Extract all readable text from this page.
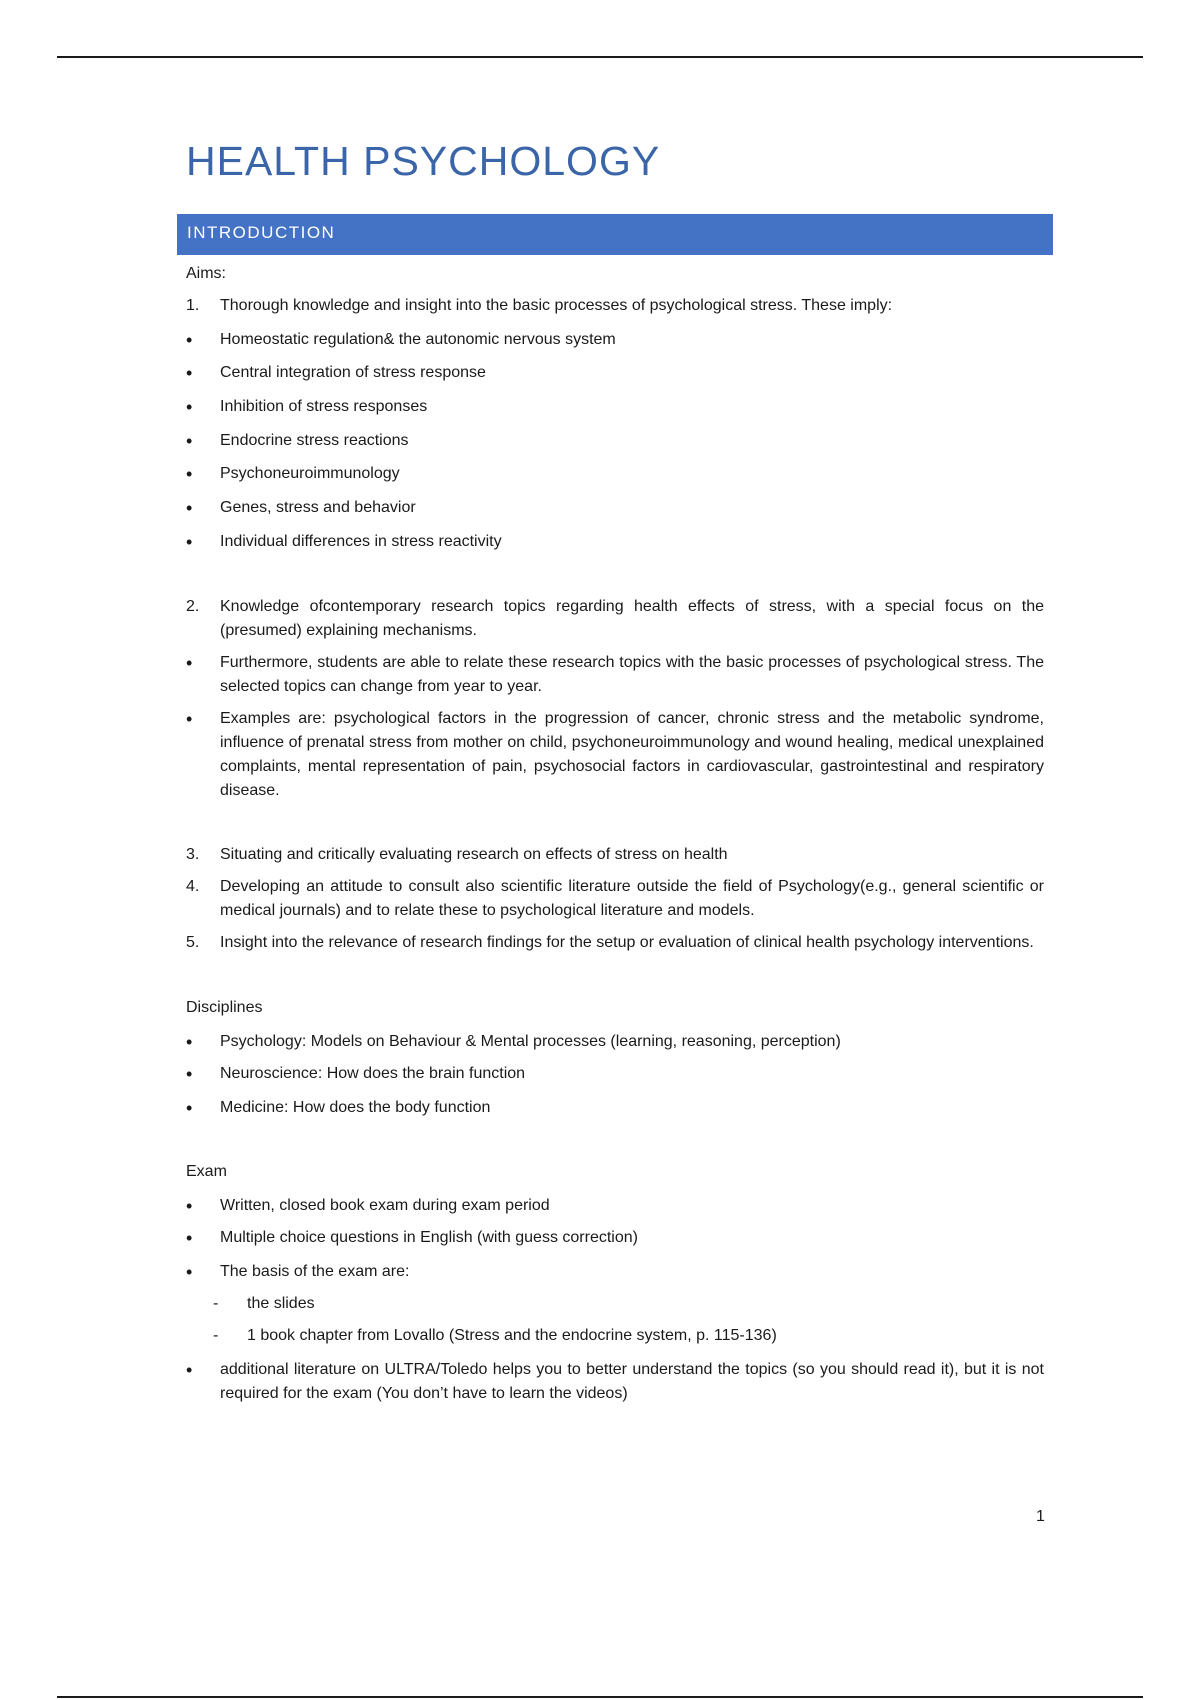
HEALTH PSYCHOLOGY
INTRODUCTION
Aims:
1. Thorough knowledge and insight into the basic processes of psychological stress. These imply:
• Homeostatic regulation& the autonomic nervous system
• Central integration of stress response
• Inhibition of stress responses
• Endocrine stress reactions
• Psychoneuroimmunology
• Genes, stress and behavior
• Individual differences in stress reactivity
2. Knowledge ofcontemporary research topics regarding health effects of stress, with a special focus on the (presumed) explaining mechanisms.
• Furthermore, students are able to relate these research topics with the basic processes of psychological stress. The selected topics can change from year to year.
• Examples are: psychological factors in the progression of cancer, chronic stress and the metabolic syndrome, influence of prenatal stress from mother on child, psychoneuroimmunology and wound healing, medical unexplained complaints, mental representation of pain, psychosocial factors in cardiovascular, gastrointestinal and respiratory disease.
3. Situating and critically evaluating research on effects of stress on health
4. Developing an attitude to consult also scientific literature outside the field of Psychology(e.g., general scientific or medical journals) and to relate these to psychological literature and models.
5. Insight into the relevance of research findings for the setup or evaluation of clinical health psychology interventions.
Disciplines
• Psychology: Models on Behaviour & Mental processes (learning, reasoning, perception)
• Neuroscience: How does the brain function
• Medicine: How does the body function
Exam
• Written, closed book exam during exam period
• Multiple choice questions in English (with guess correction)
• The basis of the exam are:
- the slides
- 1 book chapter from Lovallo (Stress and the endocrine system, p. 115-136)
• additional literature on ULTRA/Toledo helps you to better understand the topics (so you should read it), but it is not required for the exam (You don’t have to learn the videos)
1
